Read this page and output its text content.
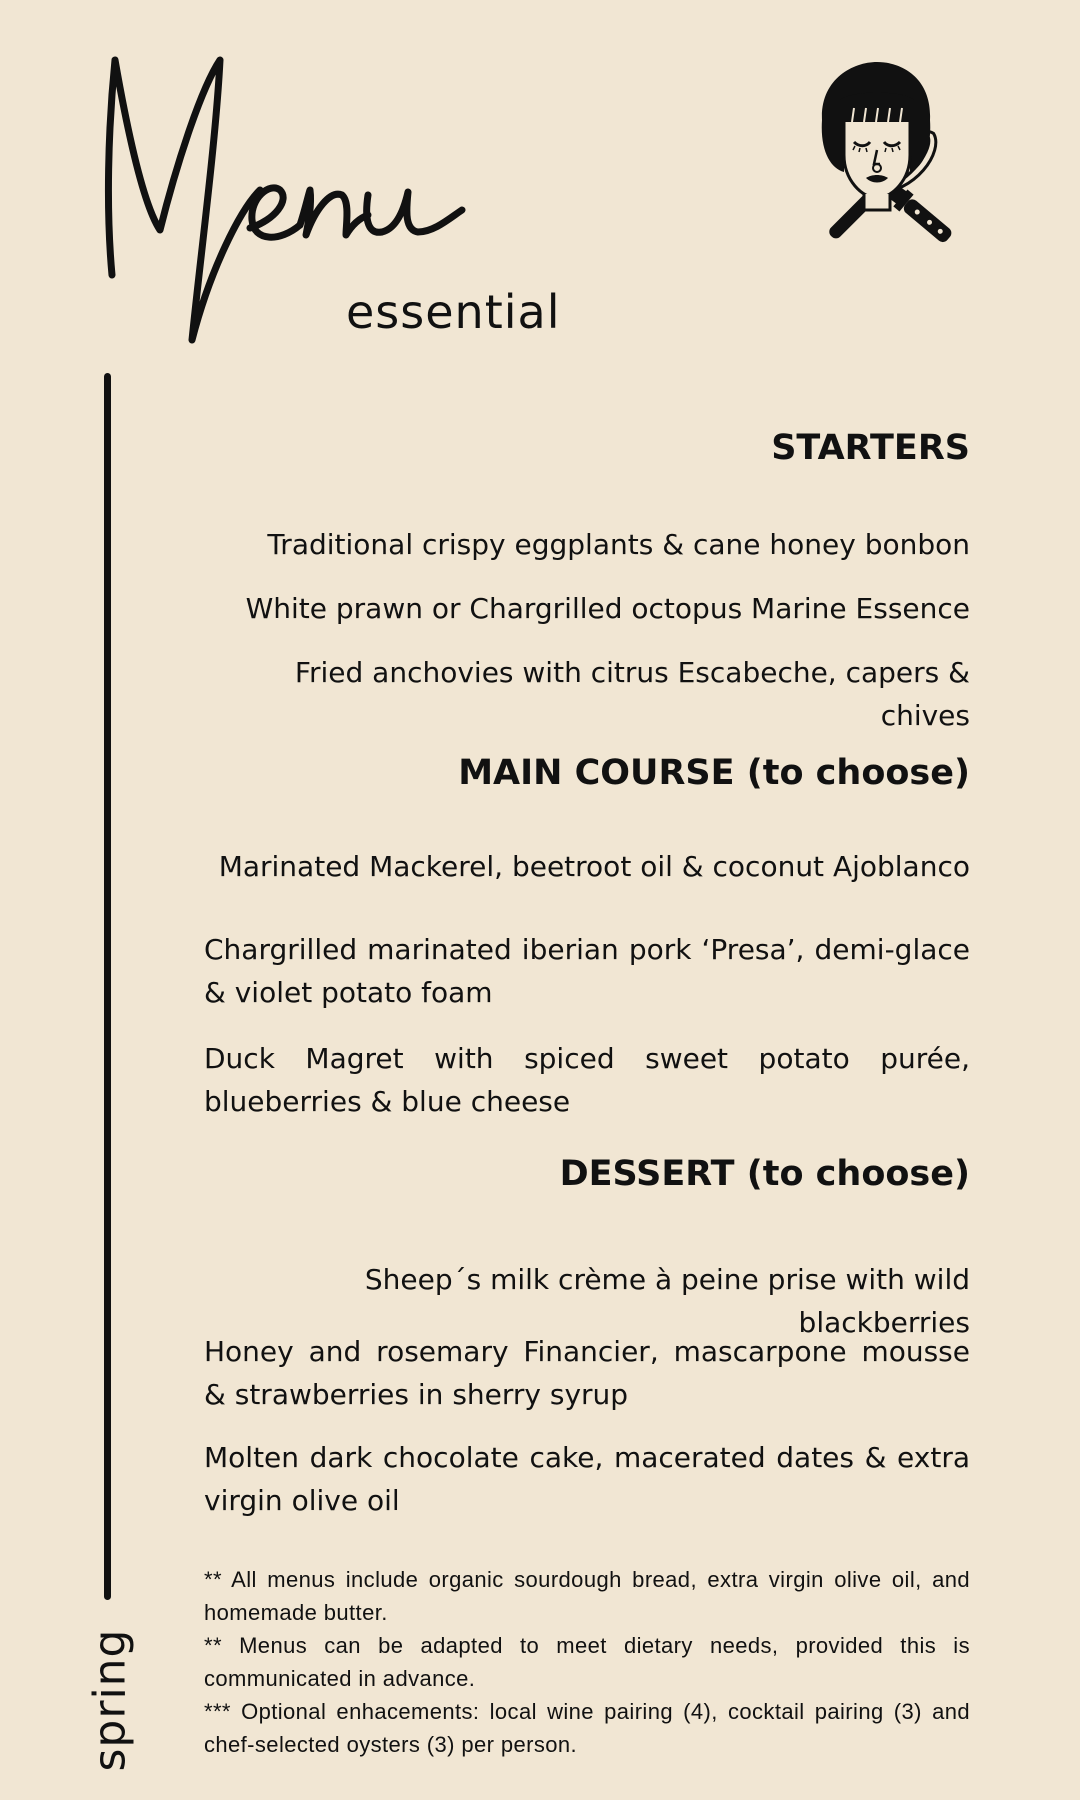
essential
spring
STARTERS

Traditional crispy eggplants & cane honey bonbon

White prawn or Chargrilled octopus Marine Essence

Fried anchovies with citrus Escabeche, capers & chives

MAIN COURSE (to choose)

Marinated Mackerel, beetroot oil & coconut Ajoblanco

Chargrilled marinated iberian pork ‘Presa’, demi-glace & violet potato foam

Duck Magret with spiced sweet potato purée, blueberries & blue cheese

DESSERT (to choose)

Sheep´s milk crème à peine prise with wild blackberries

Honey and rosemary Financier, mascarpone mousse & strawberries in sherry syrup

Molten dark chocolate cake, macerated dates & extra virgin olive oil

** All menus include organic sourdough bread, extra virgin olive oil, and homemade butter.

** Menus can be adapted to meet dietary needs, provided this is communicated in advance.

*** Optional enhacements: local wine pairing (4), cocktail pairing (3) and chef-selected oysters (3) per person.
